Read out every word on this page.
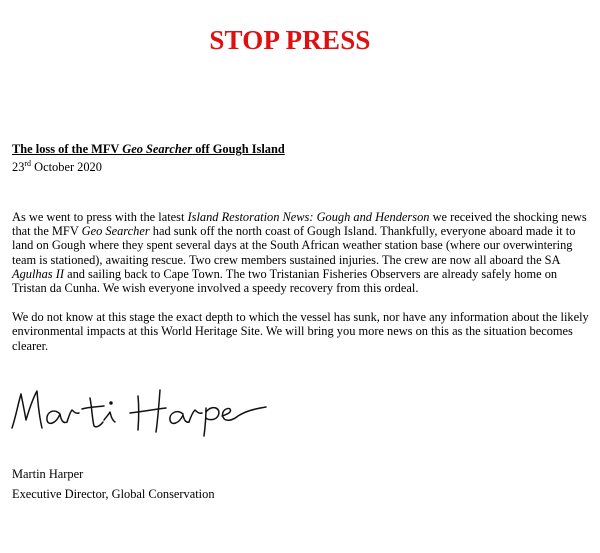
STOP PRESS

The loss of the MFV Geo Searcher off Gough Island

23rd October 2020

As we went to press with the latest Island Restoration News: Gough and Henderson we received the shocking news that the MFV Geo Searcher had sunk off the north coast of Gough Island. Thankfully, everyone aboard made it to land on Gough where they spent several days at the South African weather station base (where our overwintering team is stationed), awaiting rescue. Two crew members sustained injuries. The crew are now all aboard the SA Agulhas II and sailing back to Cape Town. The two Tristanian Fisheries Observers are already safely home on Tristan da Cunha. We wish everyone involved a speedy recovery from this ordeal.

We do not know at this stage the exact depth to which the vessel has sunk, nor have any information about the likely environmental impacts at this World Heritage Site. We will bring you more news on this as the situation becomes clearer.

Martin Harper
Executive Director, Global Conservation
